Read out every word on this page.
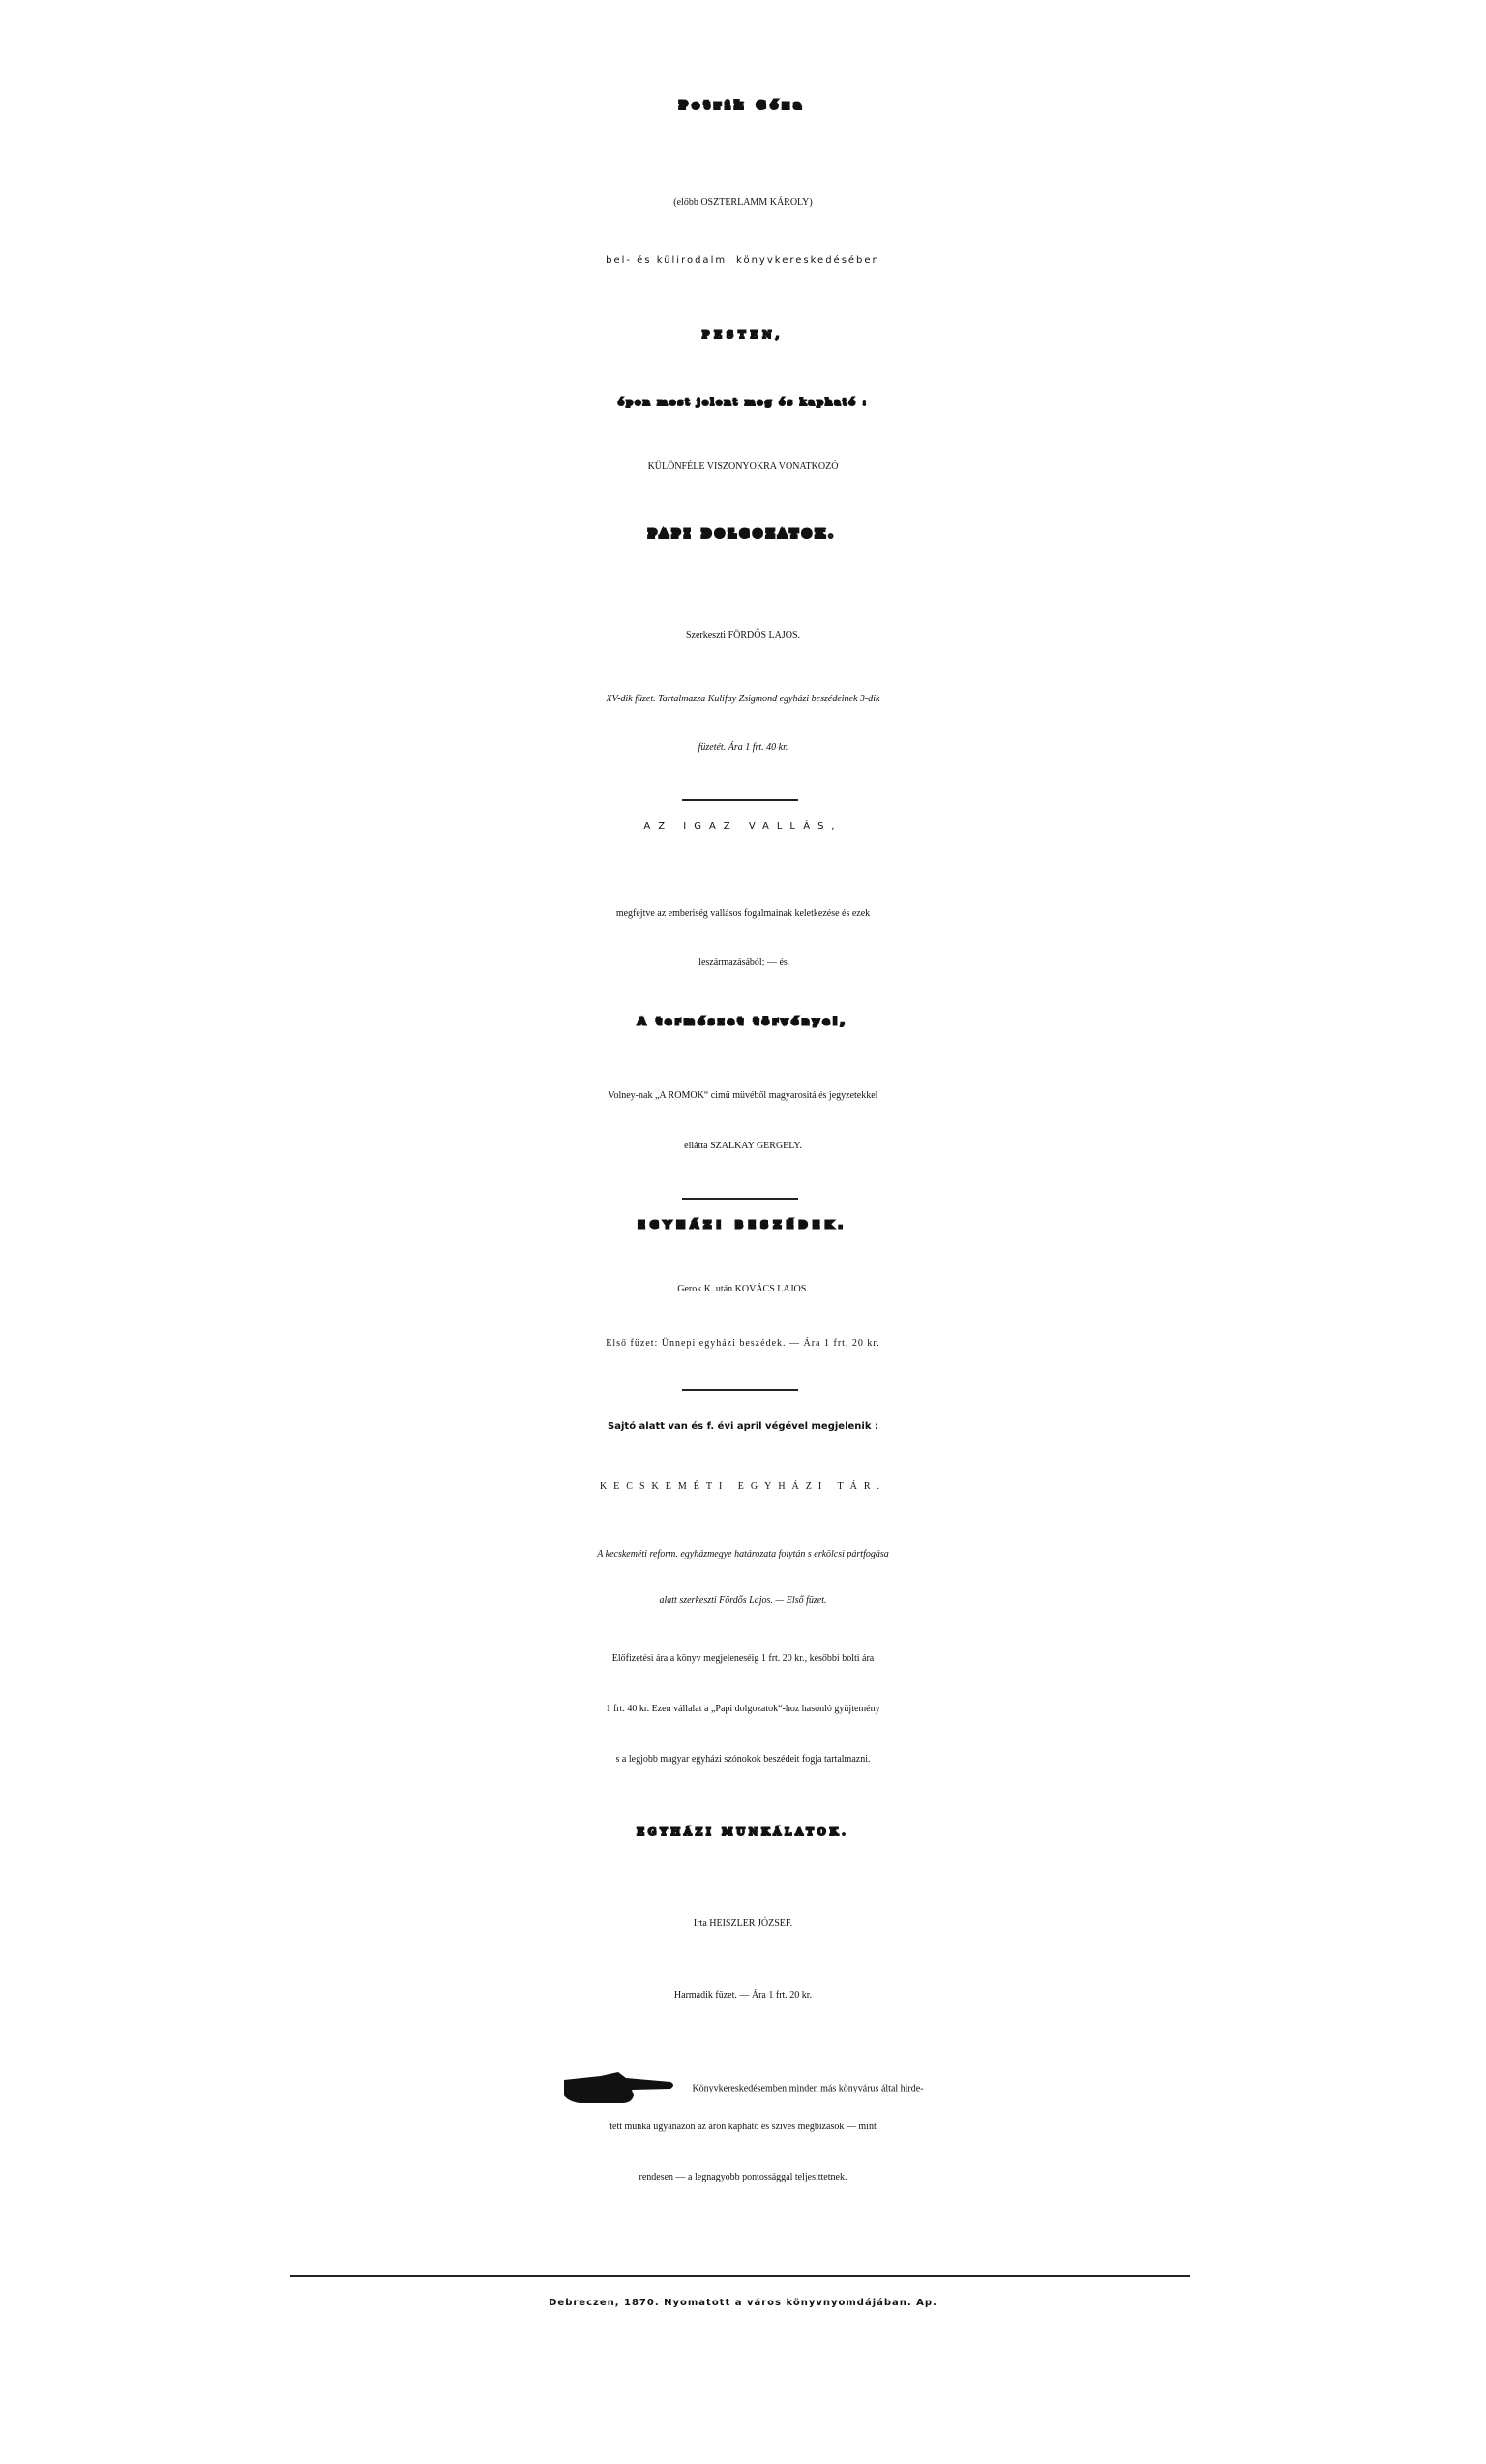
Petrik Géza
(előbb OSZTERLAMM KÁROLY)
bel- és külirodalmi könyvkereskedésében
PESTEN,
épen most jelent meg és kapható :
KÜLÖNFÉLE VISZONYOKRA VONATKOZÓ
PAPI DOLGOZATOK.
Szerkeszti FÖRDŐS LAJOS.
XV-dik füzet. Tartalmazza Kulifay Zsigmond egyházi beszédeinek 3-dik
füzetét. Ára 1 frt. 40 kr.
AZ IGAZ VALLÁS,
megfejtve az emberiség vallásos fogalmainak keletkezése és ezek
leszármazásából; — és
A természet törvényei,
Volney-nak „A ROMOK“ cimü müvéből magyarositá és jegyzetekkel
ellátta SZALKAY GERGELY.
EGYHÁZI BESZÉDEK.
Gerok K. után KOVÁCS LAJOS.
Első füzet: Ünnepi egyházi beszédek. — Ára 1 frt. 20 kr.
Sajtó alatt van és f. évi april végével megjelenik :
KECSKEMÉTI EGYHÁZI TÁR.
A kecskeméti reform. egyházmegye határozata folytán s erkölcsi pártfogása
alatt szerkeszti Fördős Lajos. — Első füzet.
Előfizetési ára a könyv megjeleneséig 1 frt. 20 kr., későbbi bolti ára
1 frt. 40 kr. Ezen vállalat a „Papi dolgozatok“-hoz hasonló gyüjtemény
s a legjobb magyar egyházi szónokok beszédeit fogja tartalmazni.
EGYHÁZI MUNKÁLATOK.
Irta HEISZLER JÓZSEF.
Harmadik füzet. — Ára 1 frt. 20 kr.
Könyvkereskedésemben minden más könyvárus által hirde-
tett munka ugyanazon az áron kapható és szives megbizások — mint
rendesen — a legnagyobb pontossággal teljesittetnek.
Debreczen, 1870. Nyomatott a város könyvnyomdájában. Ap.
